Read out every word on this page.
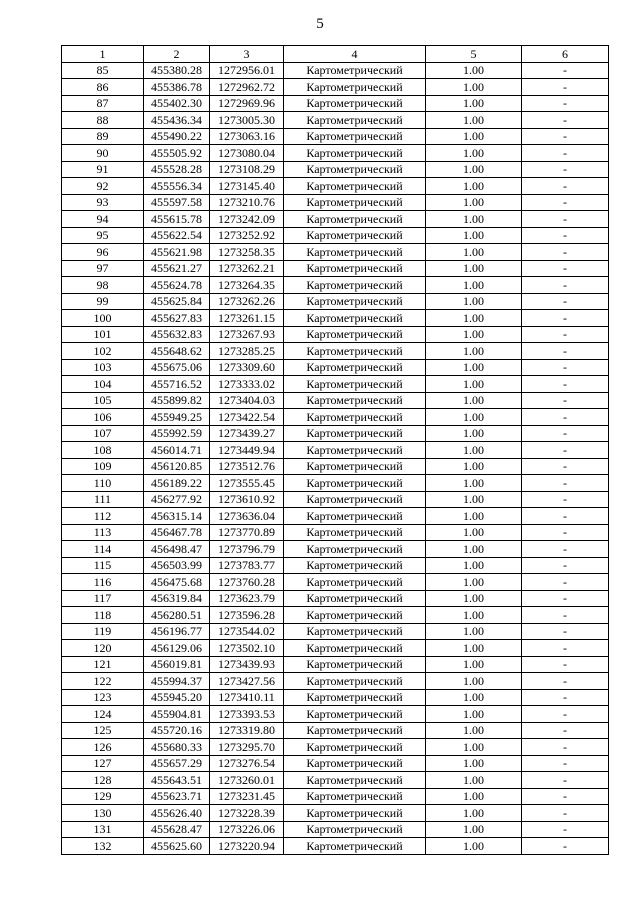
5
1	2	3	4	5	6
85	455380.28	1272956.01	Картометрический	1.00	-
86	455386.78	1272962.72	Картометрический	1.00	-
87	455402.30	1272969.96	Картометрический	1.00	-
88	455436.34	1273005.30	Картометрический	1.00	-
89	455490.22	1273063.16	Картометрический	1.00	-
90	455505.92	1273080.04	Картометрический	1.00	-
91	455528.28	1273108.29	Картометрический	1.00	-
92	455556.34	1273145.40	Картометрический	1.00	-
93	455597.58	1273210.76	Картометрический	1.00	-
94	455615.78	1273242.09	Картометрический	1.00	-
95	455622.54	1273252.92	Картометрический	1.00	-
96	455621.98	1273258.35	Картометрический	1.00	-
97	455621.27	1273262.21	Картометрический	1.00	-
98	455624.78	1273264.35	Картометрический	1.00	-
99	455625.84	1273262.26	Картометрический	1.00	-
100	455627.83	1273261.15	Картометрический	1.00	-
101	455632.83	1273267.93	Картометрический	1.00	-
102	455648.62	1273285.25	Картометрический	1.00	-
103	455675.06	1273309.60	Картометрический	1.00	-
104	455716.52	1273333.02	Картометрический	1.00	-
105	455899.82	1273404.03	Картометрический	1.00	-
106	455949.25	1273422.54	Картометрический	1.00	-
107	455992.59	1273439.27	Картометрический	1.00	-
108	456014.71	1273449.94	Картометрический	1.00	-
109	456120.85	1273512.76	Картометрический	1.00	-
110	456189.22	1273555.45	Картометрический	1.00	-
111	456277.92	1273610.92	Картометрический	1.00	-
112	456315.14	1273636.04	Картометрический	1.00	-
113	456467.78	1273770.89	Картометрический	1.00	-
114	456498.47	1273796.79	Картометрический	1.00	-
115	456503.99	1273783.77	Картометрический	1.00	-
116	456475.68	1273760.28	Картометрический	1.00	-
117	456319.84	1273623.79	Картометрический	1.00	-
118	456280.51	1273596.28	Картометрический	1.00	-
119	456196.77	1273544.02	Картометрический	1.00	-
120	456129.06	1273502.10	Картометрический	1.00	-
121	456019.81	1273439.93	Картометрический	1.00	-
122	455994.37	1273427.56	Картометрический	1.00	-
123	455945.20	1273410.11	Картометрический	1.00	-
124	455904.81	1273393.53	Картометрический	1.00	-
125	455720.16	1273319.80	Картометрический	1.00	-
126	455680.33	1273295.70	Картометрический	1.00	-
127	455657.29	1273276.54	Картометрический	1.00	-
128	455643.51	1273260.01	Картометрический	1.00	-
129	455623.71	1273231.45	Картометрический	1.00	-
130	455626.40	1273228.39	Картометрический	1.00	-
131	455628.47	1273226.06	Картометрический	1.00	-
132	455625.60	1273220.94	Картометрический	1.00	-
